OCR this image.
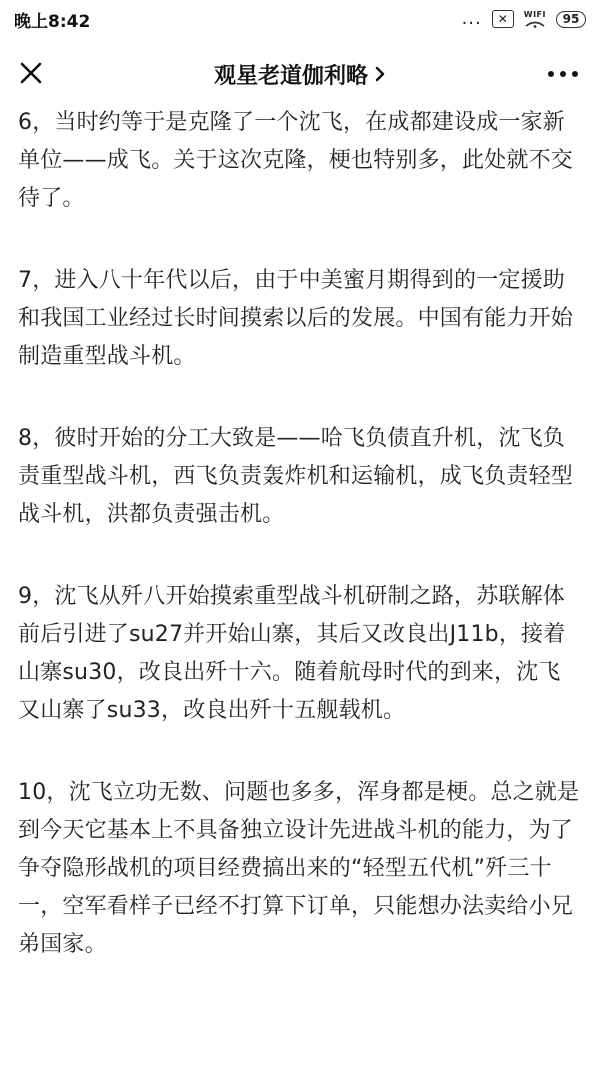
晚上8:42	...	✕	WIFI	95
观星老道伽利略

6，当时约等于是克隆了一个沈飞，在成都建设成一家新单位——成飞。关于这次克隆，梗也特别多，此处就不交待了。

7，进入八十年代以后，由于中美蜜月期得到的一定援助和我国工业经过长时间摸索以后的发展。中国有能力开始制造重型战斗机。

8，彼时开始的分工大致是——哈飞负债直升机，沈飞负责重型战斗机，西飞负责轰炸机和运输机，成飞负责轻型战斗机，洪都负责强击机。

9，沈飞从歼八开始摸索重型战斗机研制之路，苏联解体前后引进了su27并开始山寨，其后又改良出J11b，接着山寨su30，改良出歼十六。随着航母时代的到来，沈飞又山寨了su33，改良出歼十五舰载机。

10，沈飞立功无数、问题也多多，浑身都是梗。总之就是到今天它基本上不具备独立设计先进战斗机的能力，为了争夺隐形战机的项目经费搞出来的“轻型五代机”歼三十一，空军看样子已经不打算下订单，只能想办法卖给小兄弟国家。
